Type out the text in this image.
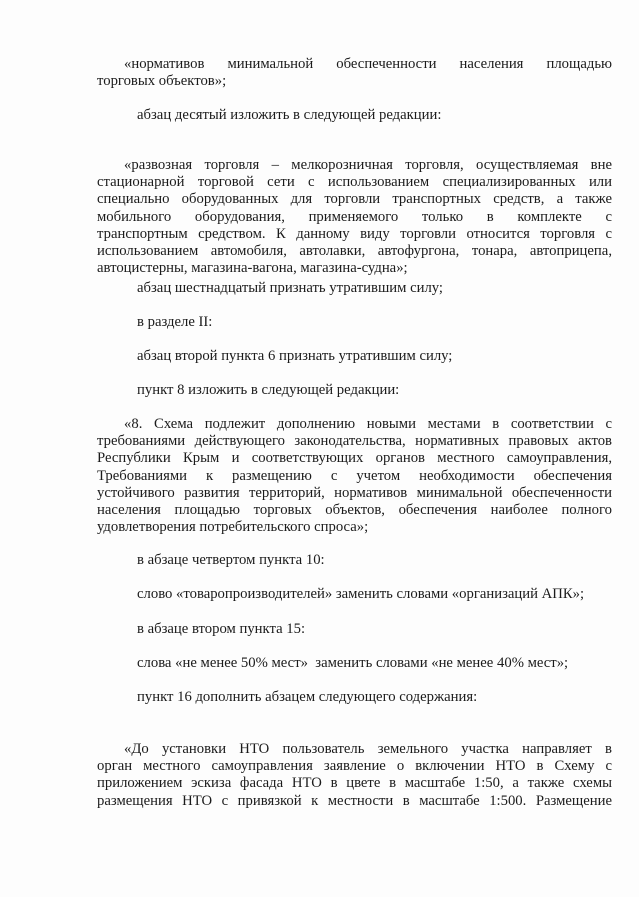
«нормативов минимальной обеспеченности населения площадью
торговых объектов»;
абзац десятый изложить в следующей редакции:
«развозная торговля – мелкорозничная торговля, осуществляемая вне
стационарной торговой сети с использованием специализированных или
специально оборудованных для торговли транспортных средств, а также
мобильного оборудования, применяемого только в комплекте с
транспортным средством. К данному виду торговли относится торговля с
использованием автомобиля, автолавки, автофургона, тонара, автоприцепа,
автоцистерны, магазина-вагона, магазина-судна»;
абзац шестнадцатый признать утратившим силу;
в разделе II:
абзац второй пункта 6 признать утратившим силу;
пункт 8 изложить в следующей редакции:
«8. Схема подлежит дополнению новыми местами в соответствии с
требованиями действующего законодательства, нормативных правовых актов
Республики Крым и соответствующих органов местного самоуправления,
Требованиями к размещению с учетом необходимости обеспечения
устойчивого развития территорий, нормативов минимальной обеспеченности
населения площадью торговых объектов, обеспечения наиболее полного
удовлетворения потребительского спроса»;
в абзаце четвертом пункта 10:
слово «товаропроизводителей» заменить словами «организаций АПК»;
в абзаце втором пункта 15:
слова «не менее 50% мест»  заменить словами «не менее 40% мест»;
пункт 16 дополнить абзацем следующего содержания:
«До установки НТО пользователь земельного участка направляет в
орган местного самоуправления заявление о включении НТО в Схему с
приложением эскиза фасада НТО в цвете в масштабе 1:50, а также схемы
размещения НТО с привязкой к местности в масштабе 1:500. Размещение
